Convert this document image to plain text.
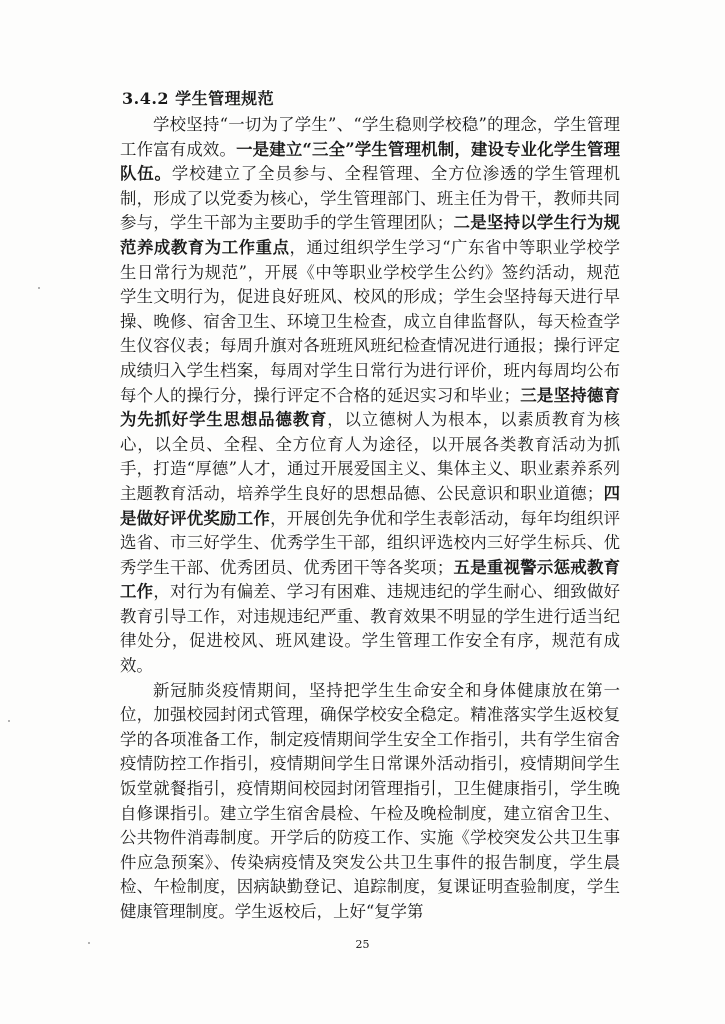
3.4.2 学生管理规范

学校坚持“一切为了学生”、“学生稳则学校稳”的理念，学生管理工作富有成效。一是建立“三全”学生管理机制，建设专业化学生管理队伍。学校建立了全员参与、全程管理、全方位渗透的学生管理机制，形成了以党委为核心，学生管理部门、班主任为骨干，教师共同参与，学生干部为主要助手的学生管理团队；二是坚持以学生行为规范养成教育为工作重点，通过组织学生学习“广东省中等职业学校学生日常行为规范”，开展《中等职业学校学生公约》签约活动，规范学生文明行为，促进良好班风、校风的形成；学生会坚持每天进行早操、晚修、宿舍卫生、环境卫生检查，成立自律监督队，每天检查学生仪容仪表；每周升旗对各班班风班纪检查情况进行通报；操行评定成绩归入学生档案，每周对学生日常行为进行评价，班内每周均公布每个人的操行分，操行评定不合格的延迟实习和毕业；三是坚持德育为先抓好学生思想品德教育，以立德树人为根本，以素质教育为核心，以全员、全程、全方位育人为途径，以开展各类教育活动为抓手，打造“厚德”人才，通过开展爱国主义、集体主义、职业素养系列主题教育活动，培养学生良好的思想品德、公民意识和职业道德；四是做好评优奖励工作，开展创先争优和学生表彰活动，每年均组织评选省、市三好学生、优秀学生干部，组织评选校内三好学生标兵、优秀学生干部、优秀团员、优秀团干等各奖项；五是重视警示惩戒教育工作，对行为有偏差、学习有困难、违规违纪的学生耐心、细致做好教育引导工作，对违规违纪严重、教育效果不明显的学生进行适当纪律处分，促进校风、班风建设。学生管理工作安全有序，规范有成效。

新冠肺炎疫情期间，坚持把学生生命安全和身体健康放在第一位，加强校园封闭式管理，确保学校安全稳定。精准落实学生返校复学的各项准备工作，制定疫情期间学生安全工作指引，共有学生宿舍疫情防控工作指引，疫情期间学生日常课外活动指引，疫情期间学生饭堂就餐指引，疫情期间校园封闭管理指引，卫生健康指引，学生晚自修课指引。建立学生宿舍晨检、午检及晚检制度，建立宿舍卫生、公共物件消毒制度。开学后的防疫工作、实施《学校突发公共卫生事件应急预案》、传染病疫情及突发公共卫生事件的报告制度，学生晨检、午检制度，因病缺勤登记、追踪制度，复课证明查验制度，学生健康管理制度。学生返校后，上好“复学第

25
